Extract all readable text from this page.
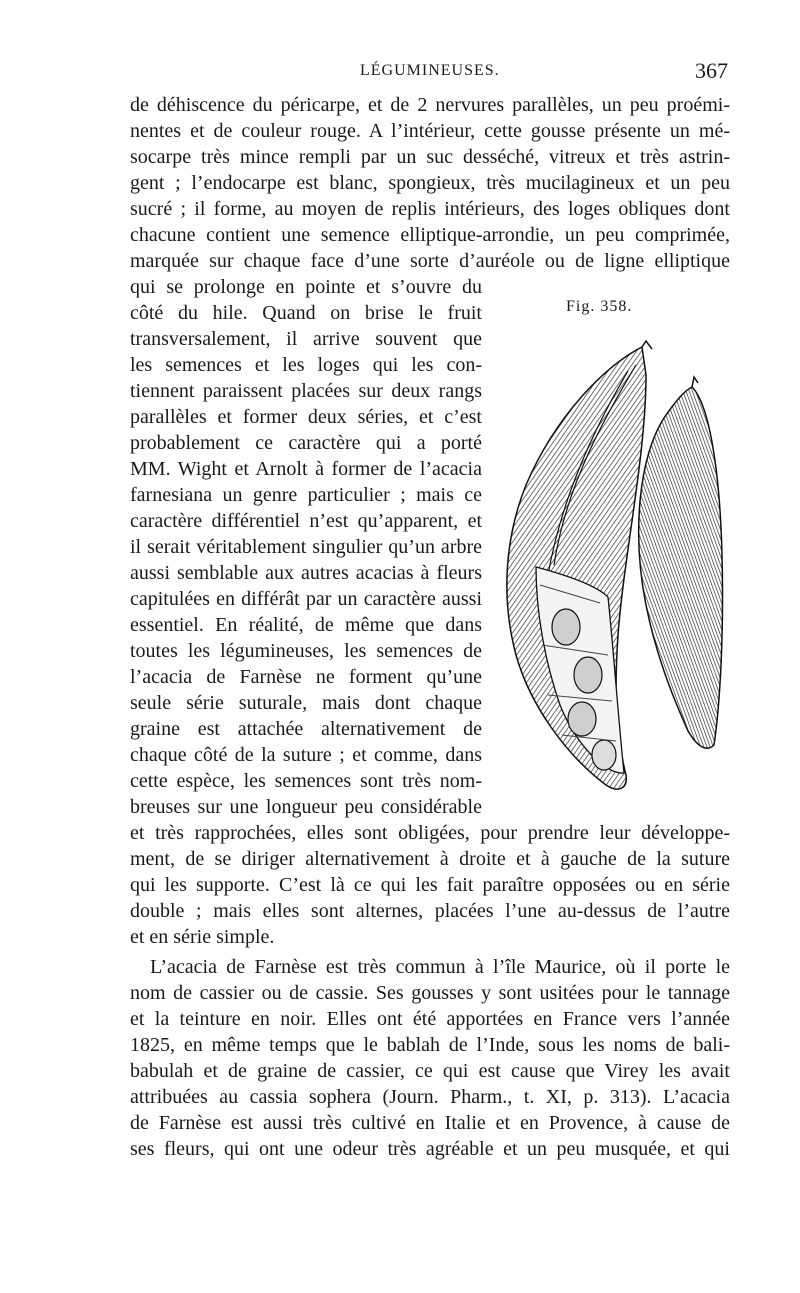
LÉGUMINEUSES.	367
Fig. 358.
de déhiscence du péricarpe, et de 2 nervures parallèles, un peu proémi-
nentes et de couleur rouge. A l’intérieur, cette gousse présente un mé-
socarpe très mince rempli par un suc desséché, vitreux et très astrin-
gent ; l’endocarpe est blanc, spongieux, très mucilagineux et un peu
sucré ; il forme, au moyen de replis intérieurs, des loges obliques dont
chacune contient une semence elliptique-arrondie, un peu comprimée,
marquée sur chaque face d’une sorte d’auréole ou de ligne elliptique
qui se prolonge en pointe et s’ouvre du
côté du hile. Quand on brise le fruit
transversalement, il arrive souvent que
les semences et les loges qui les con-
tiennent paraissent placées sur deux rangs
parallèles et former deux séries, et c’est
probablement ce caractère qui a porté
MM. Wight et Arnolt à former de l’acacia
farnesiana un genre particulier ; mais ce
caractère différentiel n’est qu’apparent, et
il serait véritablement singulier qu’un arbre
aussi semblable aux autres acacias à fleurs
capitulées en différât par un caractère aussi
essentiel. En réalité, de même que dans
toutes les légumineuses, les semences de
l’acacia de Farnèse ne forment qu’une
seule série suturale, mais dont chaque
graine est attachée alternativement de
chaque côté de la suture ; et comme, dans
cette espèce, les semences sont très nom-
breuses sur une longueur peu considérable
et très rapprochées, elles sont obligées, pour prendre leur développe-
ment, de se diriger alternativement à droite et à gauche de la suture
qui les supporte. C’est là ce qui les fait paraître opposées ou en série
double ; mais elles sont alternes, placées l’une au-dessus de l’autre
et en série simple.
L’acacia de Farnèse est très commun à l’île Maurice, où il porte le
nom de cassier ou de cassie. Ses gousses y sont usitées pour le tannage
et la teinture en noir. Elles ont été apportées en France vers l’année
1825, en même temps que le bablah de l’Inde, sous les noms de bali-
babulah et de graine de cassier, ce qui est cause que Virey les avait
attribuées au cassia sophera (Journ. Pharm., t. XI, p. 313). L’acacia
de Farnèse est aussi très cultivé en Italie et en Provence, à cause de
ses fleurs, qui ont une odeur très agréable et un peu musquée, et qui
